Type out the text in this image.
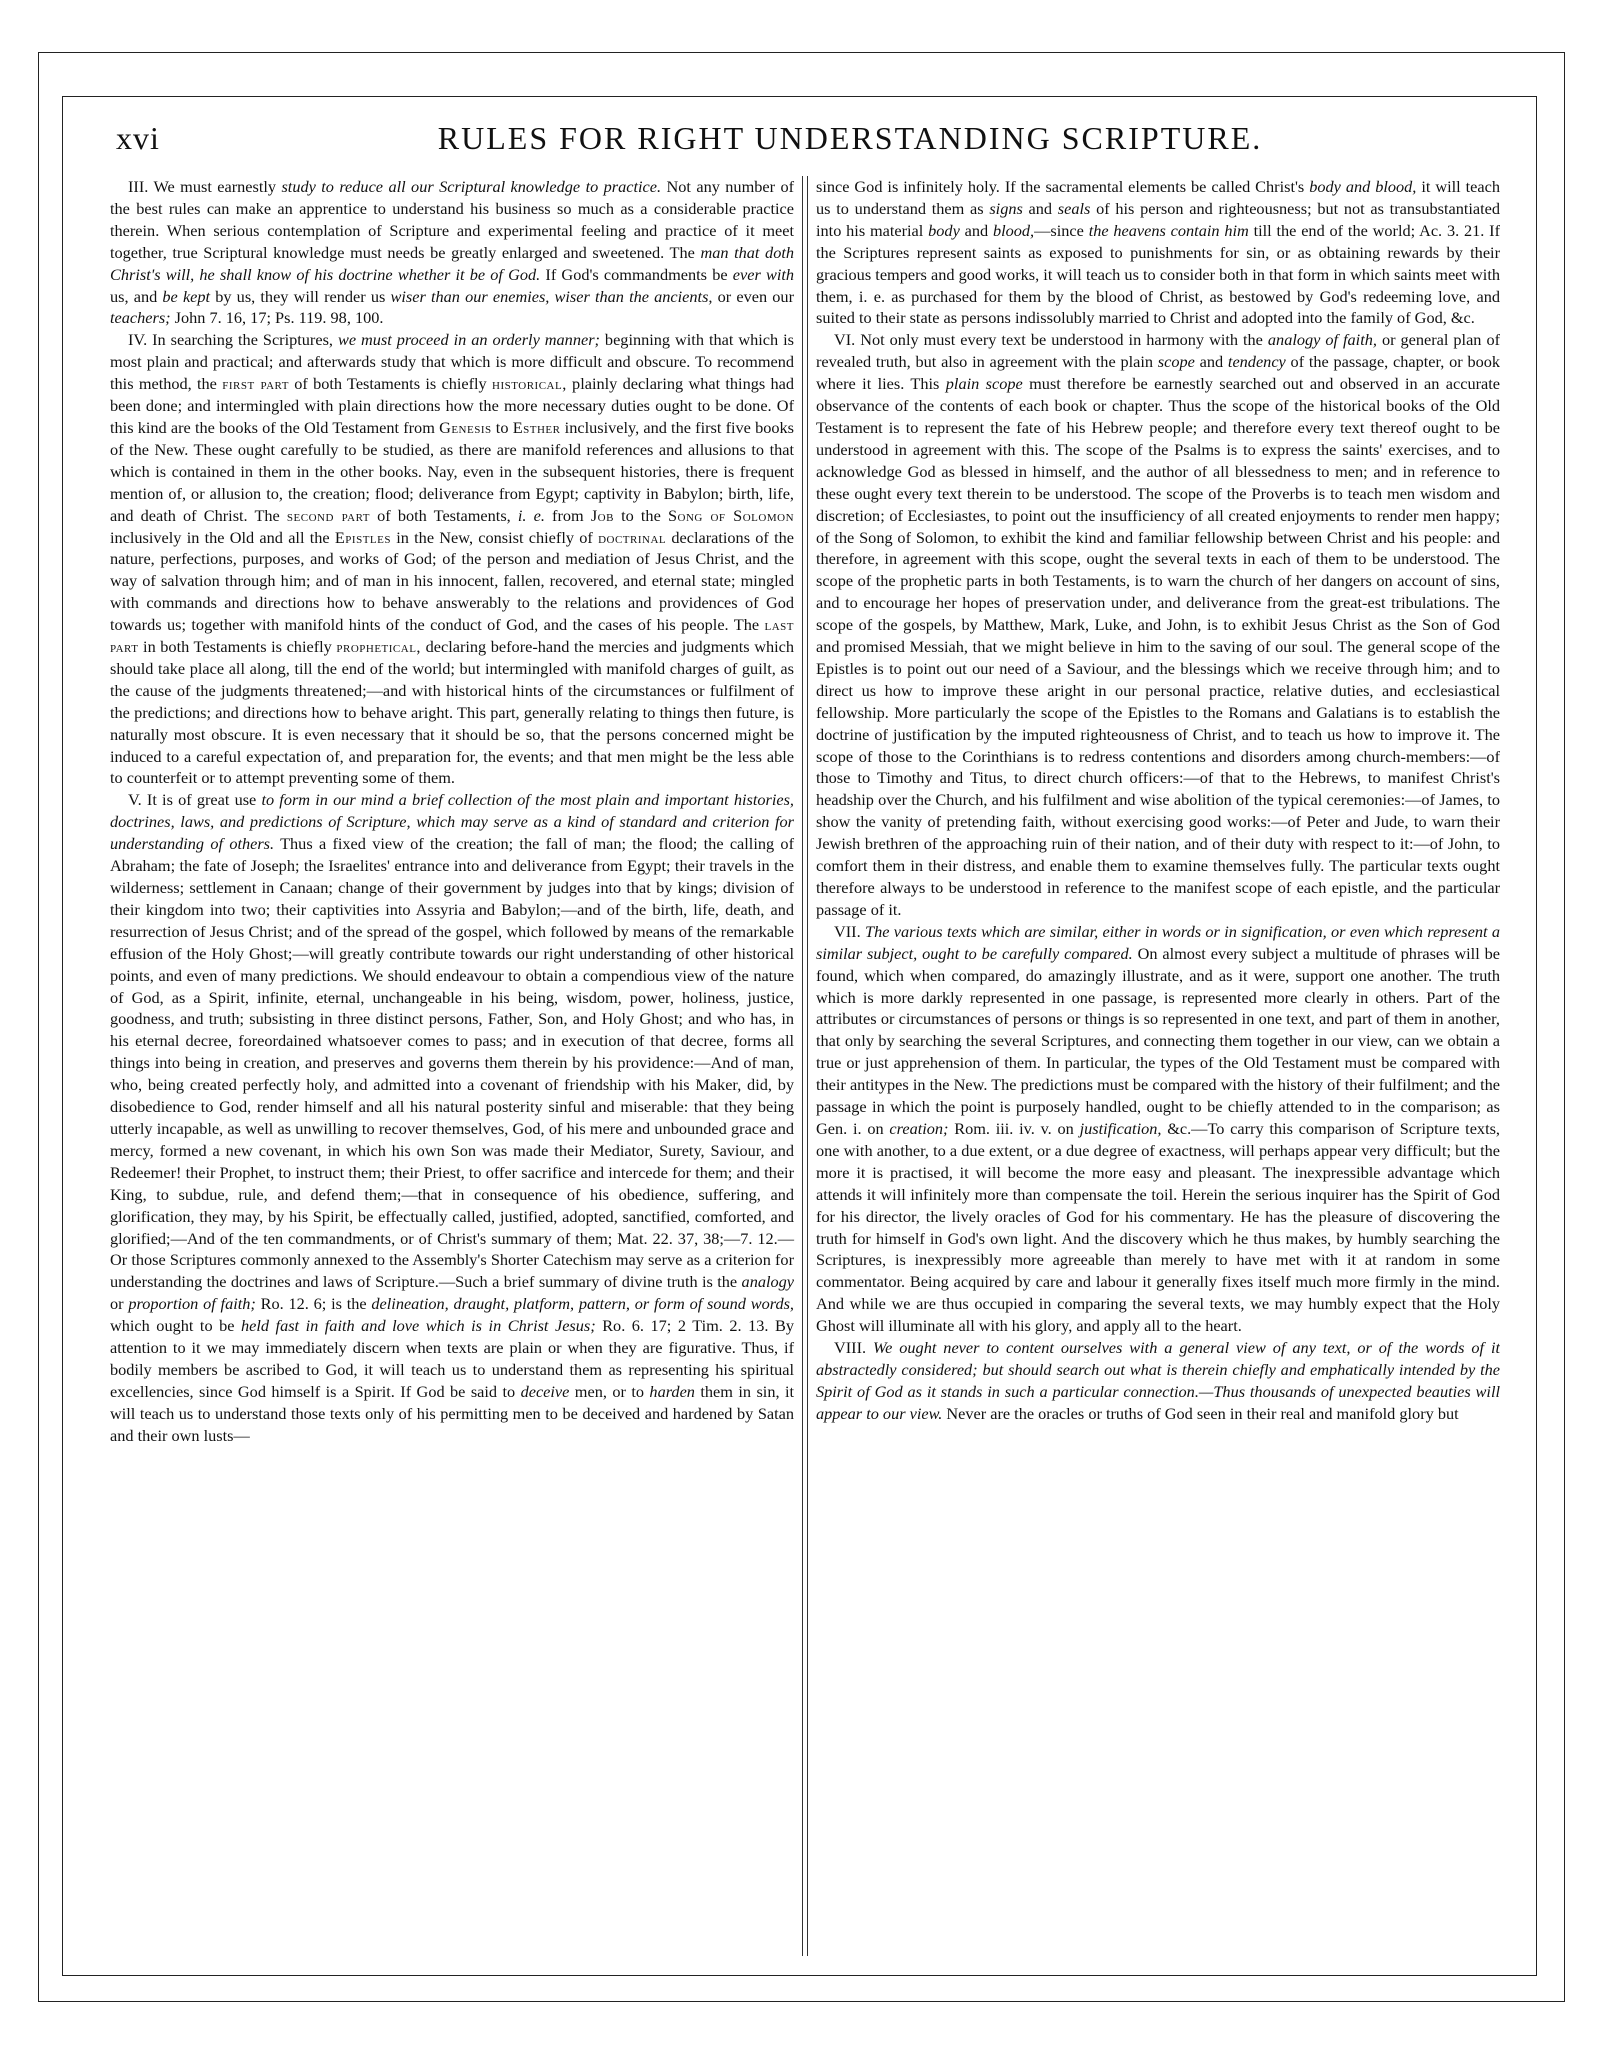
xvi	RULES FOR RIGHT UNDERSTANDING SCRIPTURE.

III. We must earnestly study to reduce all our Scriptural knowledge to practice. Not any number of the best rules can make an apprentice to understand his business so much as a considerable practice therein. When serious contemplation of Scripture and experimental feeling and practice of it meet together, true Scriptural knowledge must needs be greatly enlarged and sweetened. The man that doth Christ's will, he shall know of his doctrine whether it be of God. If God's commandments be ever with us, and be kept by us, they will render us wiser than our enemies, wiser than the ancients, or even our teachers; John 7. 16, 17; Ps. 119. 98, 100.

IV. In searching the Scriptures, we must proceed in an orderly manner; beginning with that which is most plain and practical; and afterwards study that which is more difficult and obscure. To recommend this method, the first part of both Testaments is chiefly historical, plainly declaring what things had been done; and intermingled with plain directions how the more necessary duties ought to be done. Of this kind are the books of the Old Testament from Genesis to Esther inclusively, and the first five books of the New. These ought carefully to be studied, as there are manifold references and allusions to that which is contained in them in the other books. Nay, even in the subsequent histories, there is frequent mention of, or allusion to, the creation; flood; deliverance from Egypt; captivity in Babylon; birth, life, and death of Christ. The second part of both Testaments, i. e. from Job to the Song of Solomon inclusively in the Old and all the Epistles in the New, consist chiefly of doctrinal declarations of the nature, perfections, purposes, and works of God; of the person and mediation of Jesus Christ, and the way of salvation through him; and of man in his innocent, fallen, recovered, and eternal state; mingled with commands and directions how to behave answerably to the relations and providences of God towards us; together with manifold hints of the conduct of God, and the cases of his people. The last part in both Testaments is chiefly prophetical, declaring before-hand the mercies and judgments which should take place all along, till the end of the world; but intermingled with manifold charges of guilt, as the cause of the judgments threatened;—and with historical hints of the circumstances or fulfilment of the predictions; and directions how to behave aright. This part, generally relating to things then future, is naturally most obscure. It is even necessary that it should be so, that the persons concerned might be induced to a careful expectation of, and preparation for, the events; and that men might be the less able to counterfeit or to attempt preventing some of them.

V. It is of great use to form in our mind a brief collection of the most plain and important histories, doctrines, laws, and predictions of Scripture, which may serve as a kind of standard and criterion for understanding of others. Thus a fixed view of the creation; the fall of man; the flood; the calling of Abraham; the fate of Joseph; the Israelites' entrance into and deliverance from Egypt; their travels in the wilderness; settlement in Canaan; change of their government by judges into that by kings; division of their kingdom into two; their captivities into Assyria and Babylon;—and of the birth, life, death, and resurrection of Jesus Christ; and of the spread of the gospel, which followed by means of the remarkable effusion of the Holy Ghost;—will greatly contribute towards our right understanding of other historical points, and even of many predictions. We should endeavour to obtain a compendious view of the nature of God, as a Spirit, infinite, eternal, unchangeable in his being, wisdom, power, holiness, justice, goodness, and truth; subsisting in three distinct persons, Father, Son, and Holy Ghost; and who has, in his eternal decree, foreordained whatsoever comes to pass; and in execution of that decree, forms all things into being in creation, and preserves and governs them therein by his providence:—And of man, who, being created perfectly holy, and admitted into a covenant of friendship with his Maker, did, by disobedience to God, render himself and all his natural posterity sinful and miserable: that they being utterly incapable, as well as unwilling to recover themselves, God, of his mere and unbounded grace and mercy, formed a new covenant, in which his own Son was made their Mediator, Surety, Saviour, and Redeemer! their Prophet, to instruct them; their Priest, to offer sacrifice and intercede for them; and their King, to subdue, rule, and defend them;—that in consequence of his obedience, suffering, and glorification, they may, by his Spirit, be effectually called, justified, adopted, sanctified, comforted, and glorified;—And of the ten commandments, or of Christ's summary of them; Mat. 22. 37, 38;—7. 12.—Or those Scriptures commonly annexed to the Assembly's Shorter Catechism may serve as a criterion for understanding the doctrines and laws of Scripture.—Such a brief summary of divine truth is the analogy or proportion of faith; Ro. 12. 6; is the delineation, draught, platform, pattern, or form of sound words, which ought to be held fast in faith and love which is in Christ Jesus; Ro. 6. 17; 2 Tim. 2. 13. By attention to it we may immediately discern when texts are plain or when they are figurative. Thus, if bodily members be ascribed to God, it will teach us to understand them as representing his spiritual excellencies, since God himself is a Spirit. If God be said to deceive men, or to harden them in sin, it will teach us to understand those texts only of his permitting men to be deceived and hardened by Satan and their own lusts—

since God is infinitely holy. If the sacramental elements be called Christ's body and blood, it will teach us to understand them as signs and seals of his person and righteousness; but not as transubstantiated into his material body and blood,—since the heavens contain him till the end of the world; Ac. 3. 21. If the Scriptures represent saints as exposed to punishments for sin, or as obtaining rewards by their gracious tempers and good works, it will teach us to consider both in that form in which saints meet with them, i. e. as purchased for them by the blood of Christ, as bestowed by God's redeeming love, and suited to their state as persons indissolubly married to Christ and adopted into the family of God, &c.

VI. Not only must every text be understood in harmony with the analogy of faith, or general plan of revealed truth, but also in agreement with the plain scope and tendency of the passage, chapter, or book where it lies. This plain scope must therefore be earnestly searched out and observed in an accurate observance of the contents of each book or chapter. Thus the scope of the historical books of the Old Testament is to represent the fate of his Hebrew people; and therefore every text thereof ought to be understood in agreement with this. The scope of the Psalms is to express the saints' exercises, and to acknowledge God as blessed in himself, and the author of all blessedness to men; and in reference to these ought every text therein to be understood. The scope of the Proverbs is to teach men wisdom and discretion; of Ecclesiastes, to point out the insufficiency of all created enjoyments to render men happy; of the Song of Solomon, to exhibit the kind and familiar fellowship between Christ and his people: and therefore, in agreement with this scope, ought the several texts in each of them to be understood. The scope of the prophetic parts in both Testaments, is to warn the church of her dangers on account of sins, and to encourage her hopes of preservation under, and deliverance from the great-est tribulations. The scope of the gospels, by Matthew, Mark, Luke, and John, is to exhibit Jesus Christ as the Son of God and promised Messiah, that we might believe in him to the saving of our soul. The general scope of the Epistles is to point out our need of a Saviour, and the blessings which we receive through him; and to direct us how to improve these aright in our personal practice, relative duties, and ecclesiastical fellowship. More particularly the scope of the Epistles to the Romans and Galatians is to establish the doctrine of justification by the imputed righteousness of Christ, and to teach us how to improve it. The scope of those to the Corinthians is to redress contentions and disorders among church-members:—of those to Timothy and Titus, to direct church officers:—of that to the Hebrews, to manifest Christ's headship over the Church, and his fulfilment and wise abolition of the typical ceremonies:—of James, to show the vanity of pretending faith, without exercising good works:—of Peter and Jude, to warn their Jewish brethren of the approaching ruin of their nation, and of their duty with respect to it:—of John, to comfort them in their distress, and enable them to examine themselves fully. The particular texts ought therefore always to be understood in reference to the manifest scope of each epistle, and the particular passage of it.

VII. The various texts which are similar, either in words or in signification, or even which represent a similar subject, ought to be carefully compared. On almost every subject a multitude of phrases will be found, which when compared, do amazingly illustrate, and as it were, support one another. The truth which is more darkly represented in one passage, is represented more clearly in others. Part of the attributes or circumstances of persons or things is so represented in one text, and part of them in another, that only by searching the several Scriptures, and connecting them together in our view, can we obtain a true or just apprehension of them. In particular, the types of the Old Testament must be compared with their antitypes in the New. The predictions must be compared with the history of their fulfilment; and the passage in which the point is purposely handled, ought to be chiefly attended to in the comparison; as Gen. i. on creation; Rom. iii. iv. v. on justification, &c.—To carry this comparison of Scripture texts, one with another, to a due extent, or a due degree of exactness, will perhaps appear very difficult; but the more it is practised, it will become the more easy and pleasant. The inexpressible advantage which attends it will infinitely more than compensate the toil. Herein the serious inquirer has the Spirit of God for his director, the lively oracles of God for his commentary. He has the pleasure of discovering the truth for himself in God's own light. And the discovery which he thus makes, by humbly searching the Scriptures, is inexpressibly more agreeable than merely to have met with it at random in some commentator. Being acquired by care and labour it generally fixes itself much more firmly in the mind. And while we are thus occupied in comparing the several texts, we may humbly expect that the Holy Ghost will illuminate all with his glory, and apply all to the heart.

VIII. We ought never to content ourselves with a general view of any text, or of the words of it abstractedly considered; but should search out what is therein chiefly and emphatically intended by the Spirit of God as it stands in such a particular connection.—Thus thousands of unexpected beauties will appear to our view. Never are the oracles or truths of God seen in their real and manifold glory but
